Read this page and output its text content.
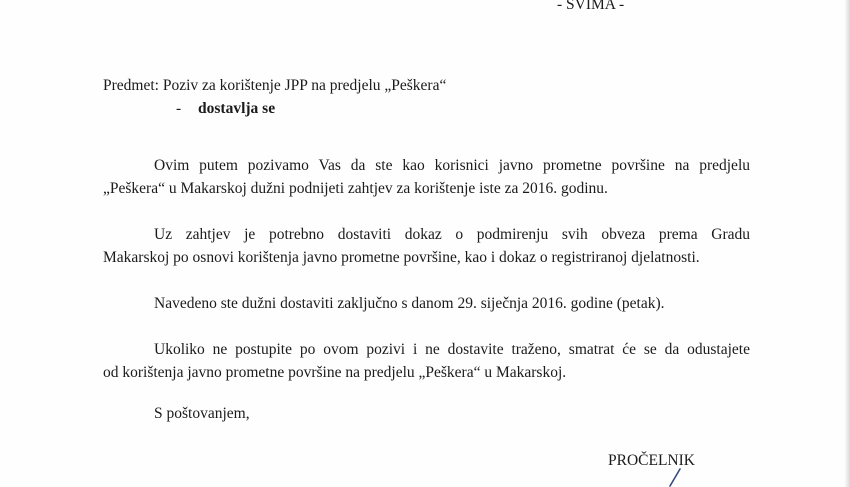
- SVIMA -
Predmet: Poziv za korištenje JPP na predjelu „Peškera“
- dostavlja se
Ovim putem pozivamo Vas da ste kao korisnici javno prometne površine na predjelu
„Peškera“ u Makarskoj dužni podnijeti zahtjev za korištenje iste za 2016. godinu.
Uz zahtjev je potrebno dostaviti dokaz o podmirenju svih obveza prema Gradu
Makarskoj po osnovi korištenja javno prometne površine, kao i dokaz o registriranoj djelatnosti.
Navedeno ste dužni dostaviti zaključno s danom 29. siječnja 2016. godine (petak).
Ukoliko ne postupite po ovom pozivi i ne dostavite traženo, smatrat će se da odustajete
od korištenja javno prometne površine na predjelu „Peškera“ u Makarskoj.
S poštovanjem,
PROČELNIK
